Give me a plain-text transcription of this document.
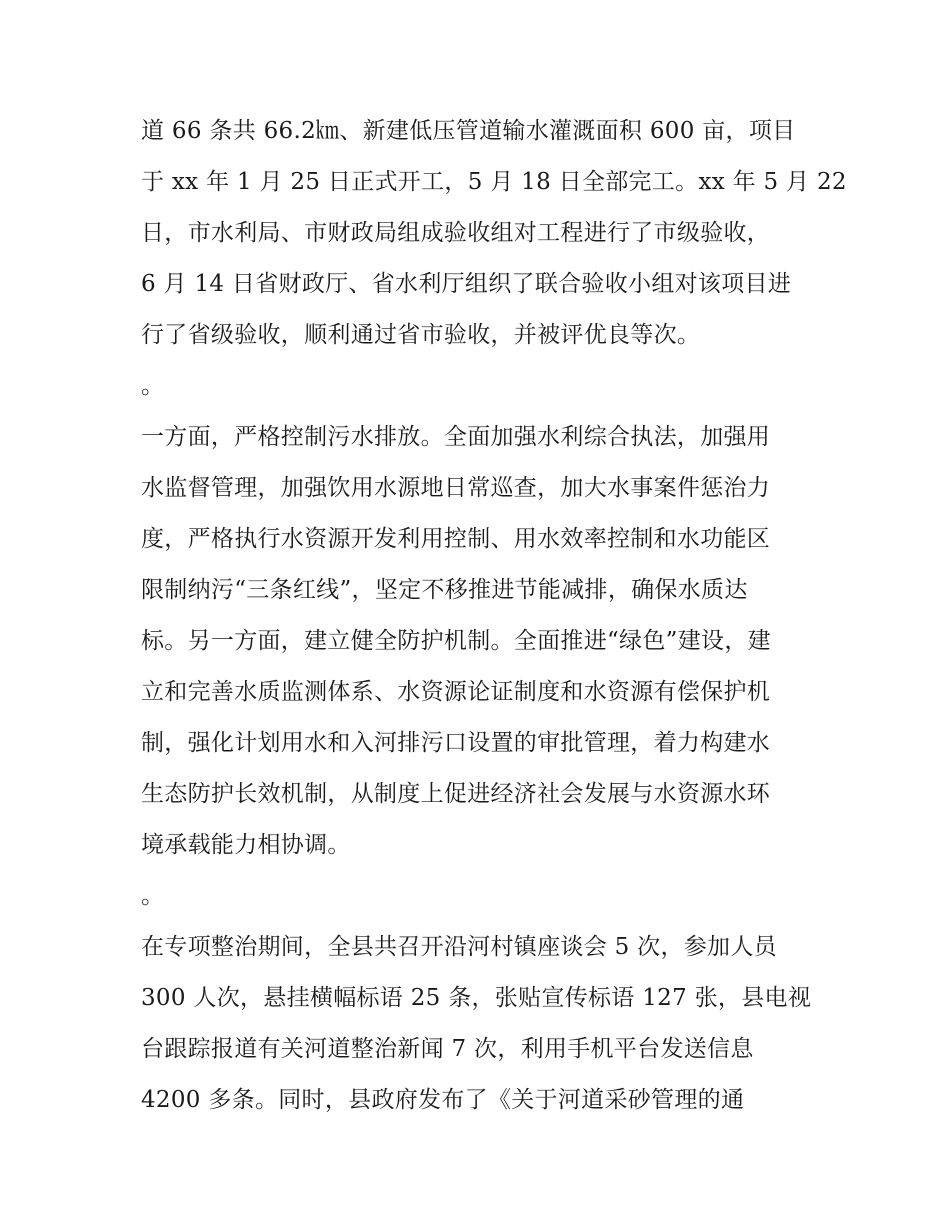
道 66 条共 66.2㎞、新建低压管道输水灌溉面积 600 亩，项目
于 xx 年 1 月 25 日正式开工，5 月 18 日全部完工。xx 年 5 月 22
日，市水利局、市财政局组成验收组对工程进行了市级验收，
6 月 14 日省财政厅、省水利厅组织了联合验收小组对该项目进
行了省级验收，顺利通过省市验收，并被评优良等次。
。
一方面，严格控制污水排放。全面加强水利综合执法，加强用
水监督管理，加强饮用水源地日常巡查，加大水事案件惩治力
度，严格执行水资源开发利用控制、用水效率控制和水功能区
限制纳污“三条红线”，坚定不移推进节能减排，确保水质达
标。另一方面，建立健全防护机制。全面推进“绿色”建设，建
立和完善水质监测体系、水资源论证制度和水资源有偿保护机
制，强化计划用水和入河排污口设置的审批管理，着力构建水
生态防护长效机制，从制度上促进经济社会发展与水资源水环
境承载能力相协调。
。
在专项整治期间，全县共召开沿河村镇座谈会 5 次，参加人员
300 人次，悬挂横幅标语 25 条，张贴宣传标语 127 张，县电视
台跟踪报道有关河道整治新闻 7 次，利用手机平台发送信息
4200 多条。同时，县政府发布了《关于河道采砂管理的通
